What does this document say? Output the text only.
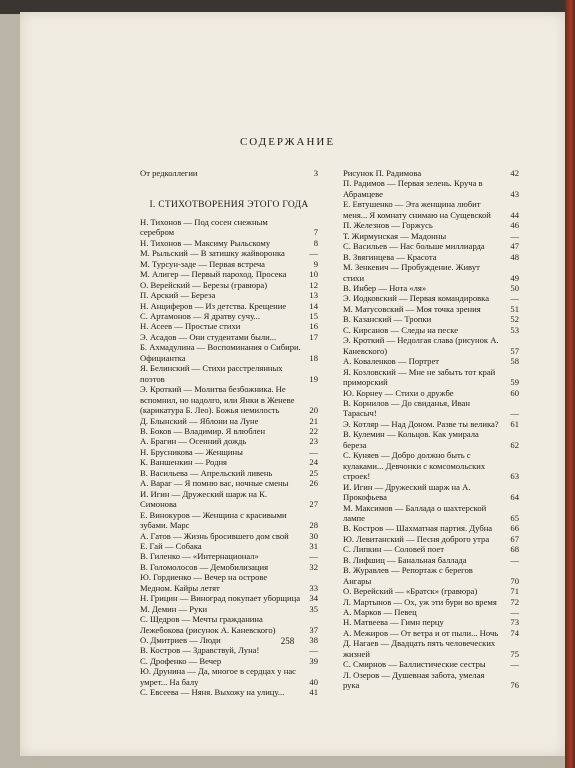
СОДЕРЖАНИЕ
От редколлегии	3
I. СТИХОТВОРЕНИЯ ЭТОГО ГОДА
Н. Тихонов — Под сосен снежным серебром	7
Н. Тихонов — Максиму Рыльскому	8
М. Рыльский — В затишку жайворонка	—
М. Турсун-заде — Первая встреча	9
М. Алигер — Первый пароход. Просека	10
О. Верейский — Березы (гравюра)	12
П. Арский — Береза	13
Н. Анциферов — Из детства. Крещение	14
С. Артамонов — Я дратву сучу...	15
Н. Асеев — Простые стихи	16
Э. Асадов — Они студентами были...	17
Б. Ахмадулина — Воспоминания о Сибири. Официантка	18
Я. Белинский — Стихи расстрелянных поэтов	19
Э. Кроткий — Молитва безбожника. Не вспомнил, но надолго, или Янки в Женеве (карикатура Б. Лео). Божья немилость	20
Д. Блынский — Яблони на Луне	21
В. Боков — Владимир. Я влюблен	22
А. Брагин — Осенний дождь	23
Н. Брусникова — Женщины	—
К. Ваншенкин — Родня	24
В. Васильева — Апрельский ливень	25
А. Вараг — Я помню вас, ночные смены	26
И. Игин — Дружеский шарж на К. Симонова	27
Е. Винокуров — Женщина с красивыми зубами. Марс	28
А. Гатов — Жизнь бросившего дом свой	30
Е. Гай — Собака	31
В. Гиленко — «Интернационал»	—
В. Голомолосов — Демобилизация	32
Ю. Гордиенко — Вечер на острове Медном. Кайры летят	33
Н. Грицин — Виноград покупает уборщица	34
М. Демин — Руки	35
С. Щедров — Мечты гражданина Лежебокова (рисунок А. Каневского)	37
О. Дмитриев — Люди	38
В. Костров — Здравствуй, Луна!	—
С. Дрофенко — Вечер	39
Ю. Друнина — Да, многое в сердцах у нас умрет... На балу	40
С. Евсеева — Няня. Выхожу на улицу...	41
Рисунок П. Радимова	42
П. Радимов — Первая зелень. Круча в Абрамцеве	43
Е. Евтушенко — Эта женщина любит меня... Я комнату снимаю на Сущевской	44
П. Железнов — Горжусь	46
Т. Жирмунская — Мадонны	—
С. Васильев — Нас больше миллиарда	47
В. Звягинцева — Красота	48
М. Зенкевич — Пробуждение. Живут стихи	49
В. Инбер — Нота «ля»	50
Э. Иодковский — Первая командировка	—
М. Матусовский — Моя точка зрения	51
В. Казанский — Тропки	52
С. Кирсанов — Следы на песке	53
Э. Кроткий — Недолгая слава (рисунок А. Каневского)	57
А. Коваленков — Портрет	58
Я. Козловский — Мне не забыть тот край приморский	59
Ю. Корнеу — Стихи о дружбе	60
В. Корнилов — До свиданья, Иван Тарасыч!	—
Э. Котляр — Над Доном. Разве ты велика?	61
В. Кулемин — Кольцов. Как умирала береза	62
С. Куняев — Добро должно быть с кулаками... Девчонки с комсомольских строек!	63
И. Игин — Дружеский шарж на А. Прокофьева	64
М. Максимов — Баллада о шахтерской лампе	65
В. Костров — Шахматная партия. Дубна	66
Ю. Левитанский — Песня доброго утра	67
С. Липкин — Соловей поет	68
В. Лифшиц — Банальная баллада	—
В. Журавлев — Репортаж с берегов Ангары	70
О. Верейский — «Братск» (гравюра)	71
Л. Мартынов — Ох, уж эти бури во время	72
А. Марков — Певец	—
Н. Матвеева — Гимн перцу	73
А. Межиров — От ветра и от пыли... Ночь	74
Д. Нагаев — Двадцать пять человеческих жизней	75
С. Смирнов — Баллистические сестры	—
Л. Озеров — Душевная забота, умелая рука	76
258
